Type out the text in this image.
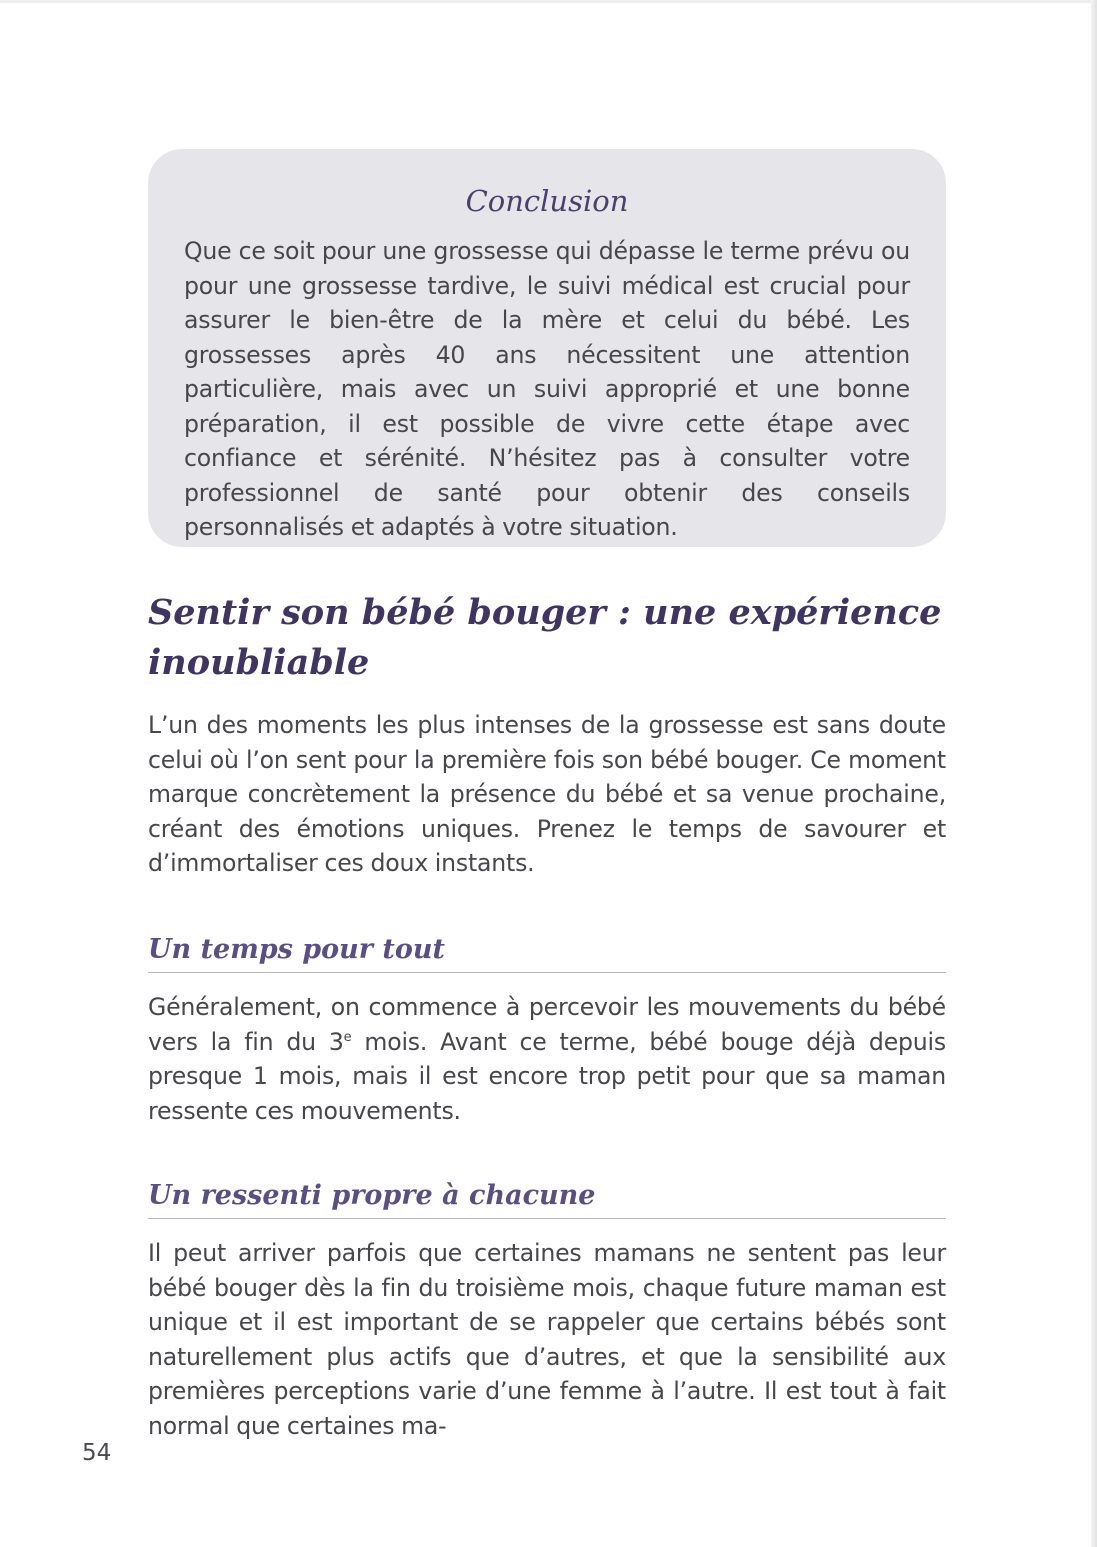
Conclusion

Que ce soit pour une grossesse qui dépasse le terme prévu ou pour une grossesse tardive, le suivi médical est crucial pour assurer le bien-être de la mère et celui du bébé. Les grossesses après 40 ans nécessitent une attention particulière, mais avec un suivi approprié et une bonne préparation, il est possible de vivre cette étape avec confiance et sérénité. N’hésitez pas à consulter votre professionnel de santé pour obtenir des conseils personnalisés et adaptés à votre situation.

Sentir son bébé bouger : une expérience inoubliable

L’un des moments les plus intenses de la grossesse est sans doute celui où l’on sent pour la première fois son bébé bouger. Ce moment marque concrètement la présence du bébé et sa venue prochaine, créant des émotions uniques. Prenez le temps de savourer et d’immortaliser ces doux instants.

Un temps pour tout

Généralement, on commence à percevoir les mouvements du bébé vers la fin du 3e mois. Avant ce terme, bébé bouge déjà depuis presque 1 mois, mais il est encore trop petit pour que sa maman ressente ces mouvements.

Un ressenti propre à chacune

Il peut arriver parfois que certaines mamans ne sentent pas leur bébé bouger dès la fin du troisième mois, chaque future maman est unique et il est important de se rappeler que certains bébés sont naturellement plus actifs que d’autres, et que la sensibilité aux premières perceptions varie d’une femme à l’autre. Il est tout à fait normal que certaines ma-

54
